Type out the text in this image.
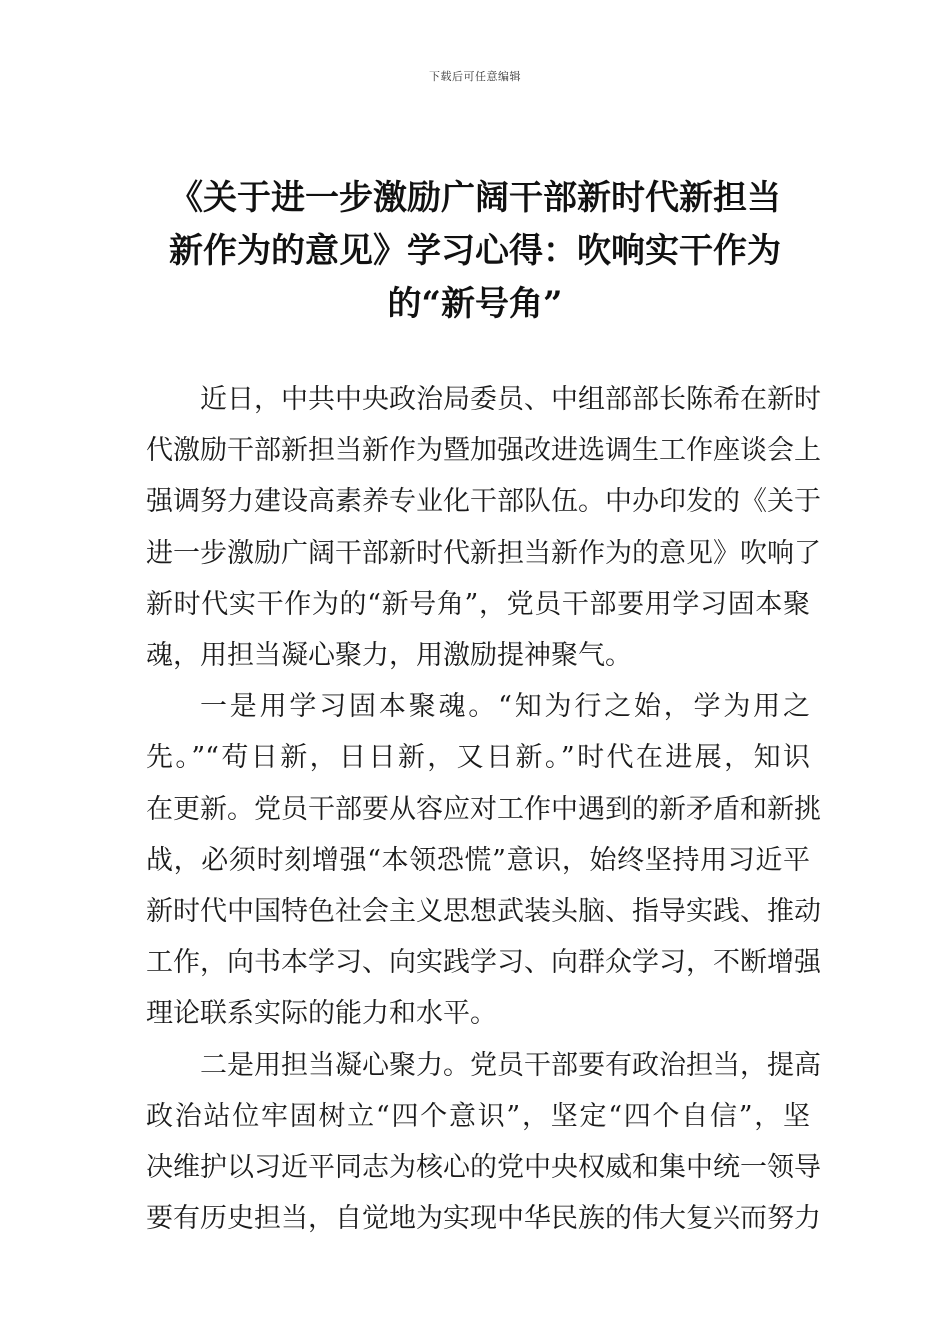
下载后可任意编辑
《关于进一步激励广阔干部新时代新担当
新作为的意见》学习心得：吹响实干作为
的“新号角”

近日，中共中央政治局委员、中组部部长陈希在新时
代激励干部新担当新作为暨加强改进选调生工作座谈会上
强调努力建设高素养专业化干部队伍。中办印发的《关于
进一步激励广阔干部新时代新担当新作为的意见》吹响了
新时代实干作为的“新号角”，党员干部要用学习固本聚
魂，用担当凝心聚力，用激励提神聚气。

一是用学习固本聚魂。“知为行之始，学为用之
先。”“苟日新，日日新，又日新。”时代在进展，知识
在更新。党员干部要从容应对工作中遇到的新矛盾和新挑
战，必须时刻增强“本领恐慌”意识，始终坚持用习近平
新时代中国特色社会主义思想武装头脑、指导实践、推动
工作，向书本学习、向实践学习、向群众学习，不断增强
理论联系实际的能力和水平。

二是用担当凝心聚力。党员干部要有政治担当，提高
政治站位牢固树立“四个意识”，坚定“四个自信”，坚
决维护以习近平同志为核心的党中央权威和集中统一领导
要有历史担当，自觉地为实现中华民族的伟大复兴而努力
